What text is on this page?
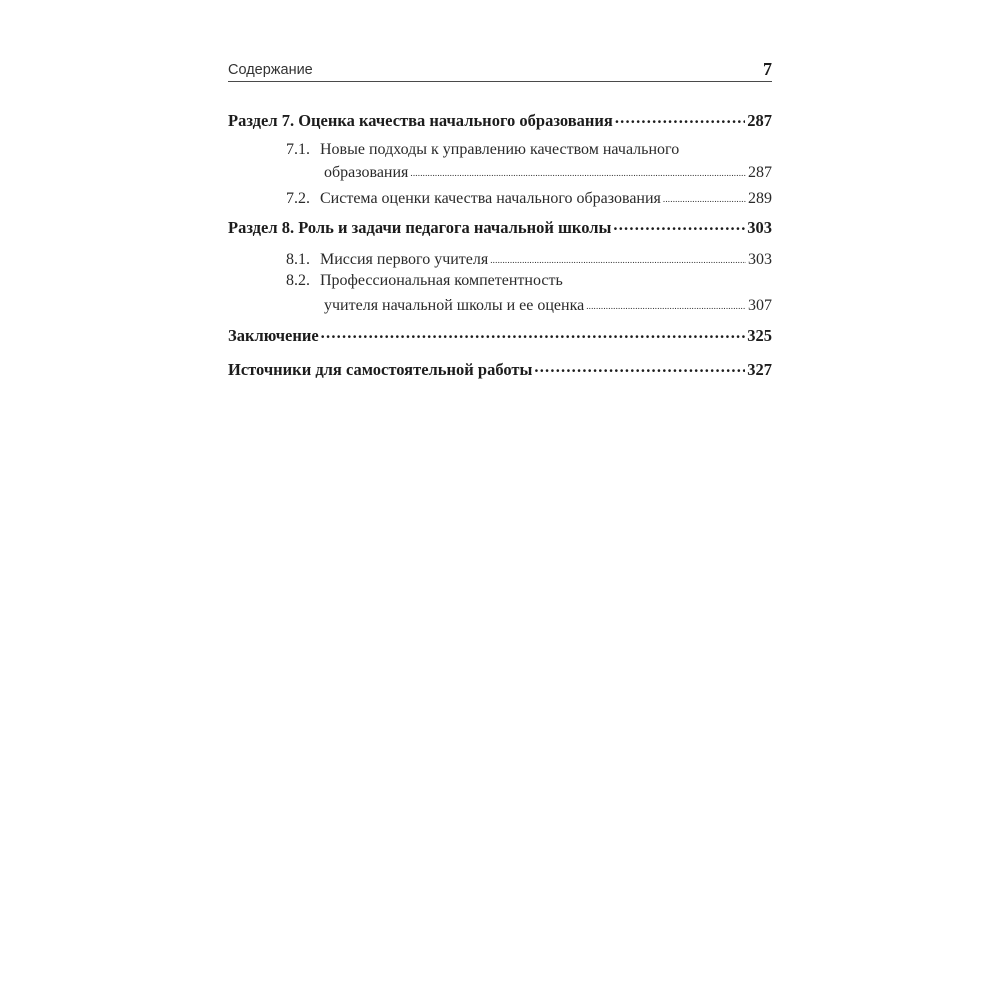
Содержание	7
Раздел 7. Оценка качества начального образования .....	287
7.1. Новые подходы к управлению качеством начального
образования .....	287
7.2. Система оценки качества начального образования .....	289
Раздел 8. Роль и задачи педагога начальной школы .....	303
8.1. Миссия первого учителя .....	303
8.2. Профессиональная компетентность
учителя начальной школы и ее оценка .....	307
Заключение .....	325
Источники для самостоятельной работы .....	327
